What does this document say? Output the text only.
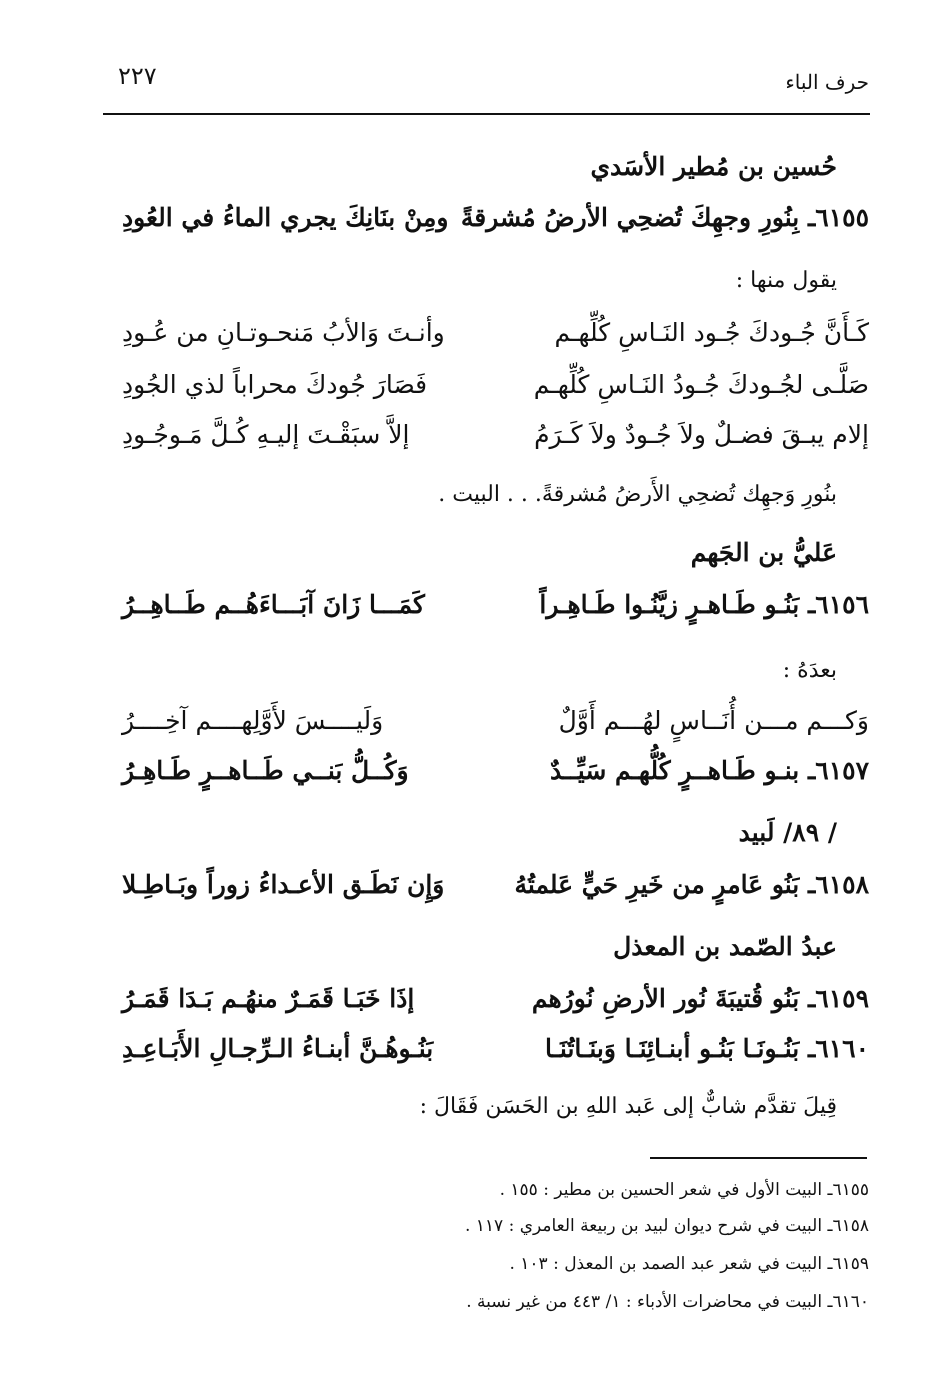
حرف الباء
٢٢٧
حُسين بن مُطير الأسَدي
٦١٥٥ـ بِنُورِ وجهِكَ تُضحِي الأرضُ مُشرقةً
ومِنْ بنَانِكَ يجري الماءُ في العُودِ
يقول منها :
كَـأَنَّ جُـودكَ جُـود النَـاسِ كُلِّهـم
وأنـتَ وَالأبُ مَنحـوتـانِ من عُـودِ
صَلَّـى لجُـودكَ جُـودُ النَـاسِ كُلِّهـم
فَصَارَ جُودكَ محراباً لذي الجُودِ
إلام يبـقَ فضـلٌ ولاَ جُـودٌ ولاَ كَـرَمُ
إلاَّ سبَقْـتَ إليـهِ كُـلَّ مَـوجُـودِ
بنُورِ وَجهِك تُضحِي الأَرضُ مُشرقةً. . . البيت .
عَليُّ بن الجَهم
٦١٥٦ـ بَنُـو طَـاهـرٍ زيَّنُـوا طَـاهِـراً
كَمَـــا زَانَ آبَـــاءَهُــم طَــاهِــرُ
بعدَهُ :
وَكـــم مـــن أُنَــاسٍ لهُـــم أَوَّلٌ
وَلَيــــسَ لأَوَّلِهــــم آخِــــرُ
٦١٥٧ـ بنـو طَـاهــرٍ كُلُّهـم سَيِّــدٌ
وَكُــلُّ بَنــي طَــاهــرٍ طَـاهِـرُ
/ ٨٩/ لَبيد
٦١٥٨ـ بَنُو عَامرٍ من خَيرِ حَيٍّ عَلمتُهُ
وَإِن نَطَـق الأعـداءُ زوراً وبَـاطِـلا
عبدُ الصّمد بن المعذل
٦١٥٩ـ بَنُو قُتيبَةَ نُور الأرضِ نُورُهم
إذَا خَبَـا قَمَـرٌ منهُـم بَـدَا قَمَـرُ
٦١٦٠ـ بَنُـونَـا بَنُـو أبنـائِنَـا وَبنَـاتُنَـا
بَنُـوهُـنَّ أبنـاءُ الـرِّجـالِ الأَبَـاعِـدِ
قِيلَ تقدَّم شابٌّ إلى عَبد اللهِ بن الحَسَن فَقَالَ :
٦١٥٥ـ البيت الأول في شعر الحسين بن مطير : ١٥٥ .
٦١٥٨ـ البيت في شرح ديوان لبيد بن ربيعة العامري : ١١٧ .
٦١٥٩ـ البيت في شعر عبد الصمد بن المعذل : ١٠٣ .
٦١٦٠ـ البيت في محاضرات الأدباء : ١/ ٤٤٣ من غير نسبة .
